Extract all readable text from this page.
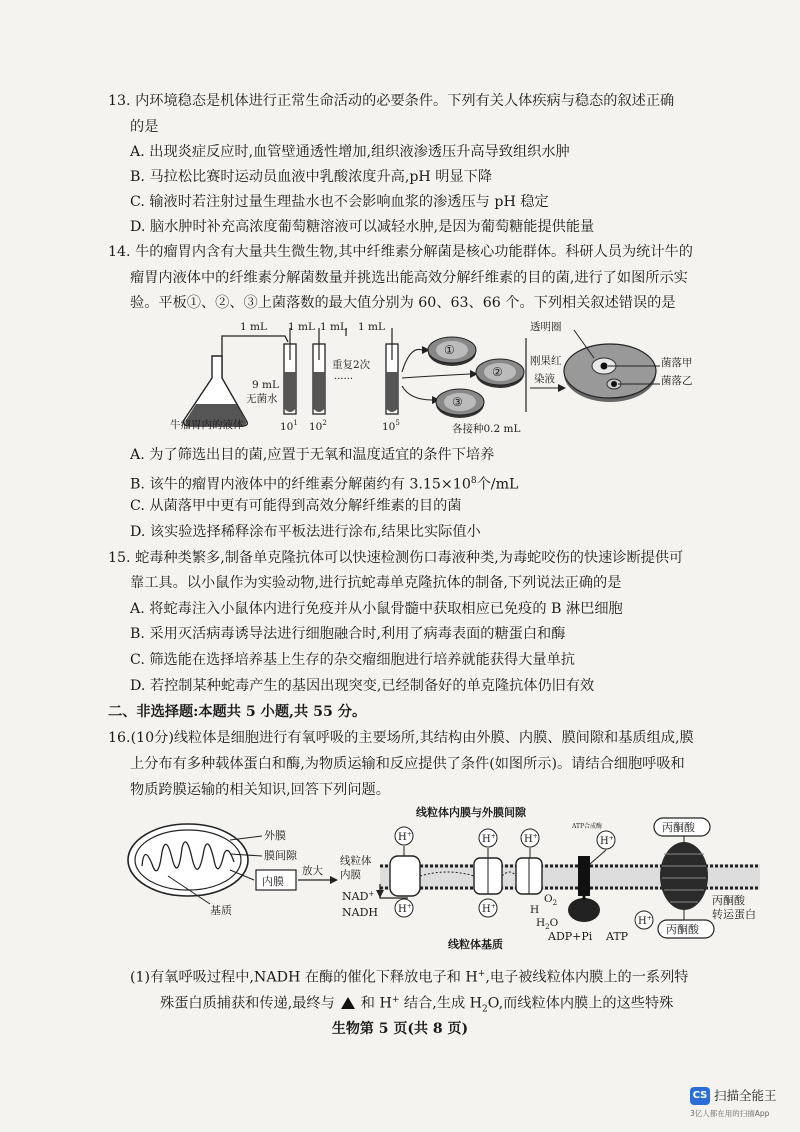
13. 内环境稳态是机体进行正常生命活动的必要条件。下列有关人体疾病与稳态的叙述正确
的是
A. 出现炎症反应时,血管壁通透性增加,组织液渗透压升高导致组织水肿
B. 马拉松比赛时运动员血液中乳酸浓度升高,pH 明显下降
C. 输液时若注射过量生理盐水也不会影响血浆的渗透压与 pH 稳定
D. 脑水肿时补充高浓度葡萄糖溶液可以减轻水肿,是因为葡萄糖能提供能量
14. 牛的瘤胃内含有大量共生微生物,其中纤维素分解菌是核心功能群体。科研人员为统计牛的
瘤胃内液体中的纤维素分解菌数量并挑选出能高效分解纤维素的目的菌,进行了如图所示实
验。平板①、②、③上菌落数的最大值分别为 60、63、66 个。下列相关叙述错误的是
牛瘤胃内的液体
9 mL
无菌水
1 mL 1 mL 1 mL 1 mL
重复2次
······
$10^1$ $10^2$	$10^5$
①
②
③
各接种0.2 mL
透明圈
刚果红
染液
菌落甲
菌落乙
A. 为了筛选出目的菌,应置于无氧和温度适宜的条件下培养
B. 该牛的瘤胃内液体中的纤维素分解菌约有 $3.15\times 10^8$个/mL
C. 从菌落甲中更有可能得到高效分解纤维素的目的菌
D. 该实验选择稀释涂布平板法进行涂布,结果比实际值小
15. 蛇毒种类繁多,制备单克隆抗体可以快速检测伤口毒液种类,为毒蛇咬伤的快速诊断提供可
靠工具。以小鼠作为实验动物,进行抗蛇毒单克隆抗体的制备,下列说法正确的是
A. 将蛇毒注入小鼠体内进行免疫并从小鼠骨髓中获取相应已免疫的 B 淋巴细胞
B. 采用灭活病毒诱导法进行细胞融合时,利用了病毒表面的糖蛋白和酶
C. 筛选能在选择培养基上生存的杂交瘤细胞进行培养就能获得大量单抗
D. 若控制某种蛇毒产生的基因出现突变,已经制备好的单克隆抗体仍旧有效
二、非选择题:本题共 5 小题,共 55 分。
16.(10分)线粒体是细胞进行有氧呼吸的主要场所,其结构由外膜、内膜、膜间隙和基质组成,膜
上分布有多种载体蛋白和酶,为物质运输和反应提供了条件(如图所示)。请结合细胞呼吸和
物质跨膜运输的相关知识,回答下列问题。
外膜
膜间隙
内膜
基质
放大
线粒体
内膜
线粒体内膜与外膜间隙
线粒体基质
ATP合成酶	丙酮酸
丙酮酸
丙酮酸
转运蛋白
H+
H+
H+
H+
H+	H+
H+
NAD+
NADH
$O_2$
$H_2O$
H
ADP+Pi ATP
(1)有氧呼吸过程中,NADH 在酶的催化下释放电子和 H+,电子被线粒体内膜上的一系列特
殊蛋白质捕获和传递,最终与 和 H+ 结合,生成 $H_2O$,而线粒体内膜上的这些特殊
生物第 5 页(共 8 页)
CS 扫描全能王
3亿人都在用的扫描App
